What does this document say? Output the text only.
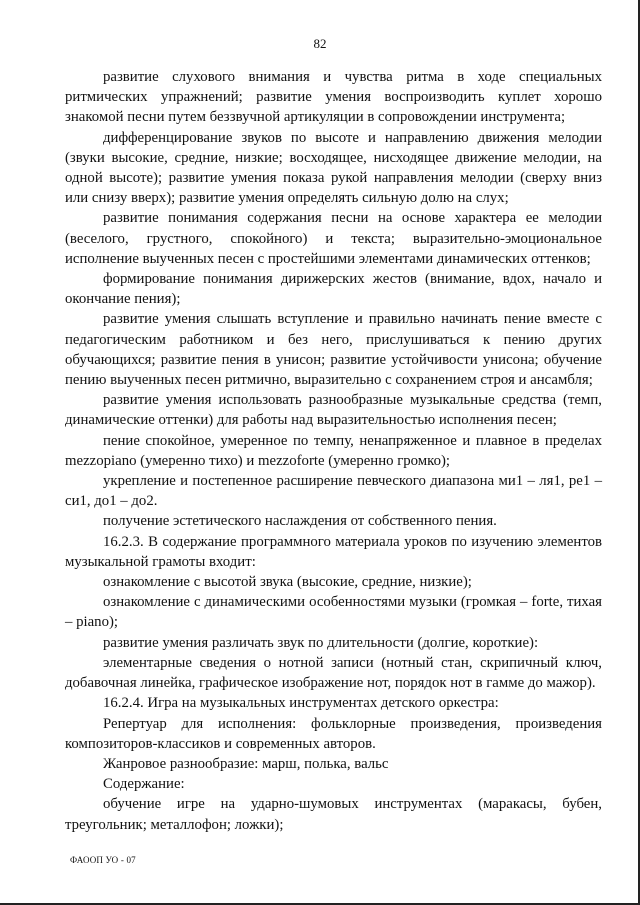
82

развитие слухового внимания и чувства ритма в ходе специальных ритмических упражнений; развитие умения воспроизводить куплет хорошо знакомой песни путем беззвучной артикуляции в сопровождении инструмента;

дифференцирование звуков по высоте и направлению движения мелодии (звуки высокие, средние, низкие; восходящее, нисходящее движение мелодии, на одной высоте); развитие умения показа рукой направления мелодии (сверху вниз или снизу вверх); развитие умения определять сильную долю на слух;

развитие понимания содержания песни на основе характера ее мелодии (веселого, грустного, спокойного) и текста; выразительно-эмоциональное исполнение выученных песен с простейшими элементами динамических оттенков;

формирование понимания дирижерских жестов (внимание, вдох, начало и окончание пения);

развитие умения слышать вступление и правильно начинать пение вместе с педагогическим работником и без него, прислушиваться к пению других обучающихся; развитие пения в унисон; развитие устойчивости унисона; обучение пению выученных песен ритмично, выразительно с сохранением строя и ансамбля;

развитие умения использовать разнообразные музыкальные средства (темп, динамические оттенки) для работы над выразительностью исполнения песен;

пение спокойное, умеренное по темпу, ненапряженное и плавное в пределах mezzopiano (умеренно тихо) и mezzoforte (умеренно громко);

укрепление и постепенное расширение певческого диапазона ми1 – ля1, ре1 – си1, до1 – до2.

получение эстетического наслаждения от собственного пения.

16.2.3. В содержание программного материала уроков по изучению элементов музыкальной грамоты входит:

ознакомление с высотой звука (высокие, средние, низкие);

ознакомление с динамическими особенностями музыки (громкая – forte, тихая – piano);

развитие умения различать звук по длительности (долгие, короткие):

элементарные сведения о нотной записи (нотный стан, скрипичный ключ, добавочная линейка, графическое изображение нот, порядок нот в гамме до мажор).

16.2.4. Игра на музыкальных инструментах детского оркестра:

Репертуар для исполнения: фольклорные произведения, произведения композиторов-классиков и современных авторов.

Жанровое разнообразие: марш, полька, вальс

Содержание:

обучение игре на ударно-шумовых инструментах (маракасы, бубен, треугольник; металлофон; ложки);

ФАООП УО - 07
